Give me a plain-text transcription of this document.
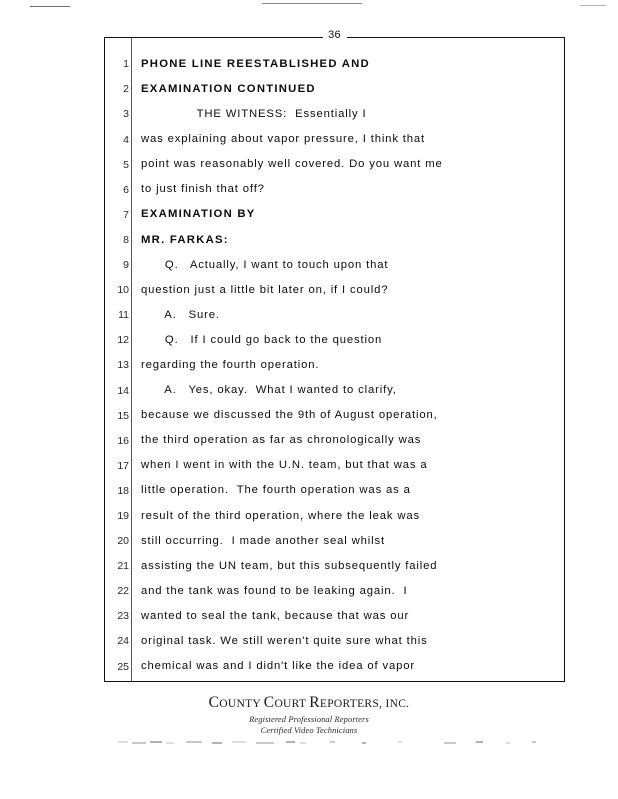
36
1 PHONE LINE REESTABLISHED AND
2 EXAMINATION CONTINUED
3 THE WITNESS:  Essentially I
4 was explaining about vapor pressure, I think that
5 point was reasonably well covered. Do you want me
6 to just finish that off?
7 EXAMINATION BY
8 MR. FARKAS:
9 Q.   Actually, I want to touch upon that
10 question just a little bit later on, if I could?
11 A.   Sure.
12 Q.   If I could go back to the question
13 regarding the fourth operation.
14 A.   Yes, okay.  What I wanted to clarify,
15 because we discussed the 9th of August operation,
16 the third operation as far as chronologically was
17 when I went in with the U.N. team, but that was a
18 little operation.  The fourth operation was as a
19 result of the third operation, where the leak was
20 still occurring.  I made another seal whilst
21 assisting the UN team, but this subsequently failed
22 and the tank was found to be leaking again.  I
23 wanted to seal the tank, because that was our
24 original task. We still weren't quite sure what this
25 chemical was and I didn't like the idea of vapor
COUNTY COURT REPORTERS, INC.
Registered Professional Reporters
Certified Video Technicians
